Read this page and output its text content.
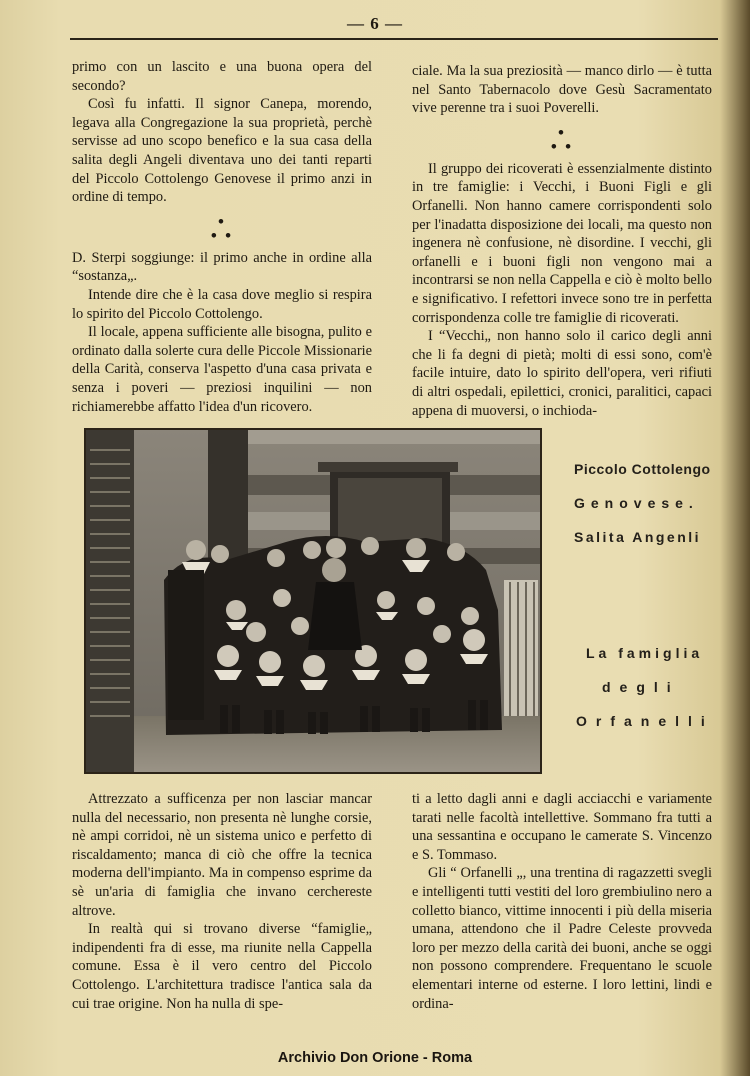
— 6 —

primo con un lascito e una buona opera del secondo?

Così fu infatti. Il signor Canepa, morendo, legava alla Congregazione la sua proprietà, perchè servisse ad uno scopo benefico e la sua casa della salita degli Angeli diventava uno dei tanti reparti del Piccolo Cottolengo Genovese il primo anzi in ordine di tempo.

•
• •

D. Sterpi soggiunge: il primo anche in ordine alla “sostanza„.

Intende dire che è la casa dove meglio si respira lo spirito del Piccolo Cottolengo.

Il locale, appena sufficiente alle bisogna, pulito e ordinato dalla solerte cura delle Piccole Missionarie della Carità, conserva l'aspetto d'una casa privata e senza i poveri — preziosi inquilini — non richiamerebbe affatto l'idea d'un ricovero.

ciale. Ma la sua preziosità — manco dirlo — è tutta nel Santo Tabernacolo dove Gesù Sacramentato vive perenne tra i suoi Poverelli.

•
• •

Il gruppo dei ricoverati è essenzialmente distinto in tre famiglie: i Vecchi, i Buoni Figli e gli Orfanelli. Non hanno camere corrispondenti solo per l'inadatta disposizione dei locali, ma questo non ingenera nè confusione, nè disordine. I vecchi, gli orfanelli e i buoni figli non vengono mai a incontrarsi se non nella Cappella e ciò è molto bello e significativo. I refettori invece sono tre in perfetta corrispondenza colle tre famiglie di ricoverati.

I “Vecchi„ non hanno solo il carico degli anni che li fa degni di pietà; molti di essi sono, com'è facile intuire, dato lo spirito dell'opera, veri rifiuti di altri ospedali, epilettici, cronici, paralitici, capaci appena di muoversi, o inchioda-

Piccolo Cottolengo
Genovese.
Salita Angenli
La famiglia
degli
Orfanelli

Attrezzato a sufficenza per non lasciar mancar nulla del necessario, non presenta nè lunghe corsie, nè ampi corridoi, nè un sistema unico e perfetto di riscaldamento; manca di ciò che offre la tecnica moderna dell'impianto. Ma in compenso esprime da sè un'aria di famiglia che invano cerchereste altrove.

In realtà qui si trovano diverse “famiglie„ indipendenti fra di esse, ma riunite nella Cappella comune. Essa è il vero centro del Piccolo Cottolengo. L'architettura tradisce l'antica sala da cui trae origine. Non ha nulla di spe-

ti a letto dagli anni e dagli acciacchi e variamente tarati nelle facoltà intellettive. Sommano fra tutti a una sessantina e occupano le camerate S. Vincenzo e S. Tommaso.

Gli “ Orfanelli „, una trentina di ragazzetti svegli e intelligenti tutti vestiti del loro grembiulino nero a colletto bianco, vittime innocenti i più della miseria umana, attendono che il Padre Celeste provveda loro per mezzo della carità dei buoni, anche se oggi non possono comprendere. Frequentano le scuole elementari interne od esterne. I loro lettini, lindi e ordina-

Archivio Don Orione - Roma
